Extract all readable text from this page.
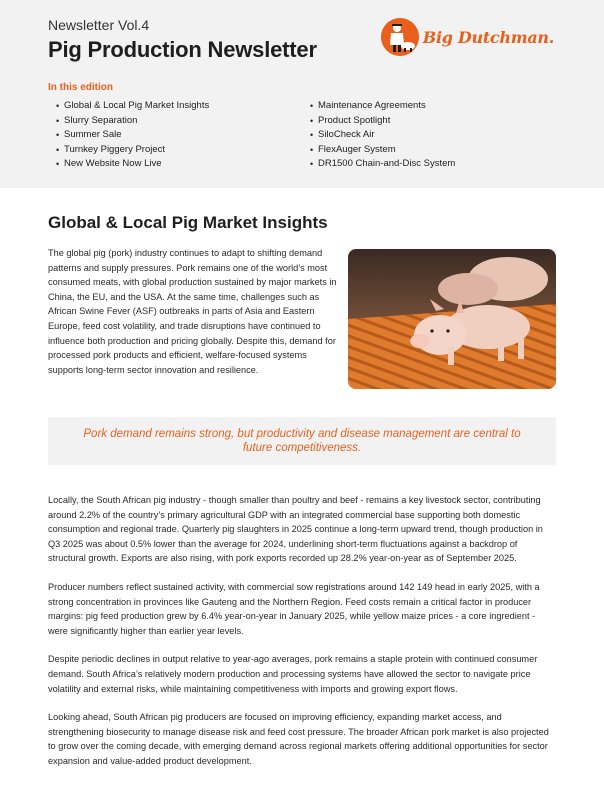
Newsletter Vol.4

Pig Production Newsletter	Big Dutchman.
In this edition
• Global & Local Pig Market Insights
• Slurry Separation
• Summer Sale
• Turnkey Piggery Project
• New Website Now Live
• Maintenance Agreements
• Product Spotlight
• SiloCheck Air
• FlexAuger System
• DR1500 Chain-and-Disc System
Global & Local Pig Market Insights

The global pig (pork) industry continues to adapt to shifting demand patterns and supply pressures. Pork remains one of the world’s most consumed meats, with global production sustained by major markets in China, the EU, and the USA. At the same time, challenges such as African Swine Fever (ASF) outbreaks in parts of Asia and Eastern Europe, feed cost volatility, and trade disruptions have continued to influence both production and pricing globally. Despite this, demand for processed pork products and efficient, welfare-focused systems supports long-term sector innovation and resilience.

Pork demand remains strong, but productivity and disease management are central to future competitiveness.

Locally, the South African pig industry - though smaller than poultry and beef - remains a key livestock sector, contributing around 2.2% of the country’s primary agricultural GDP with an integrated commercial base supporting both domestic consumption and regional trade. Quarterly pig slaughters in 2025 continue a long-term upward trend, though production in Q3 2025 was about 0.5% lower than the average for 2024, underlining short-term fluctuations against a backdrop of structural growth. Exports are also rising, with pork exports recorded up 28.2% year-on-year as of September 2025.

Producer numbers reflect sustained activity, with commercial sow registrations around 142 149 head in early 2025, with a strong concentration in provinces like Gauteng and the Northern Region. Feed costs remain a critical factor in producer margins: pig feed production grew by 6.4% year-on-year in January 2025, while yellow maize prices - a core ingredient - were significantly higher than earlier year levels.

Despite periodic declines in output relative to year-ago averages, pork remains a staple protein with continued consumer demand. South Africa’s relatively modern production and processing systems have allowed the sector to navigate price volatility and external risks, while maintaining competitiveness with imports and growing export flows.

Looking ahead, South African pig producers are focused on improving efficiency, expanding market access, and strengthening biosecurity to manage disease risk and feed cost pressure. The broader African pork market is also projected to grow over the coming decade, with emerging demand across regional markets offering additional opportunities for sector expansion and value-added product development.
